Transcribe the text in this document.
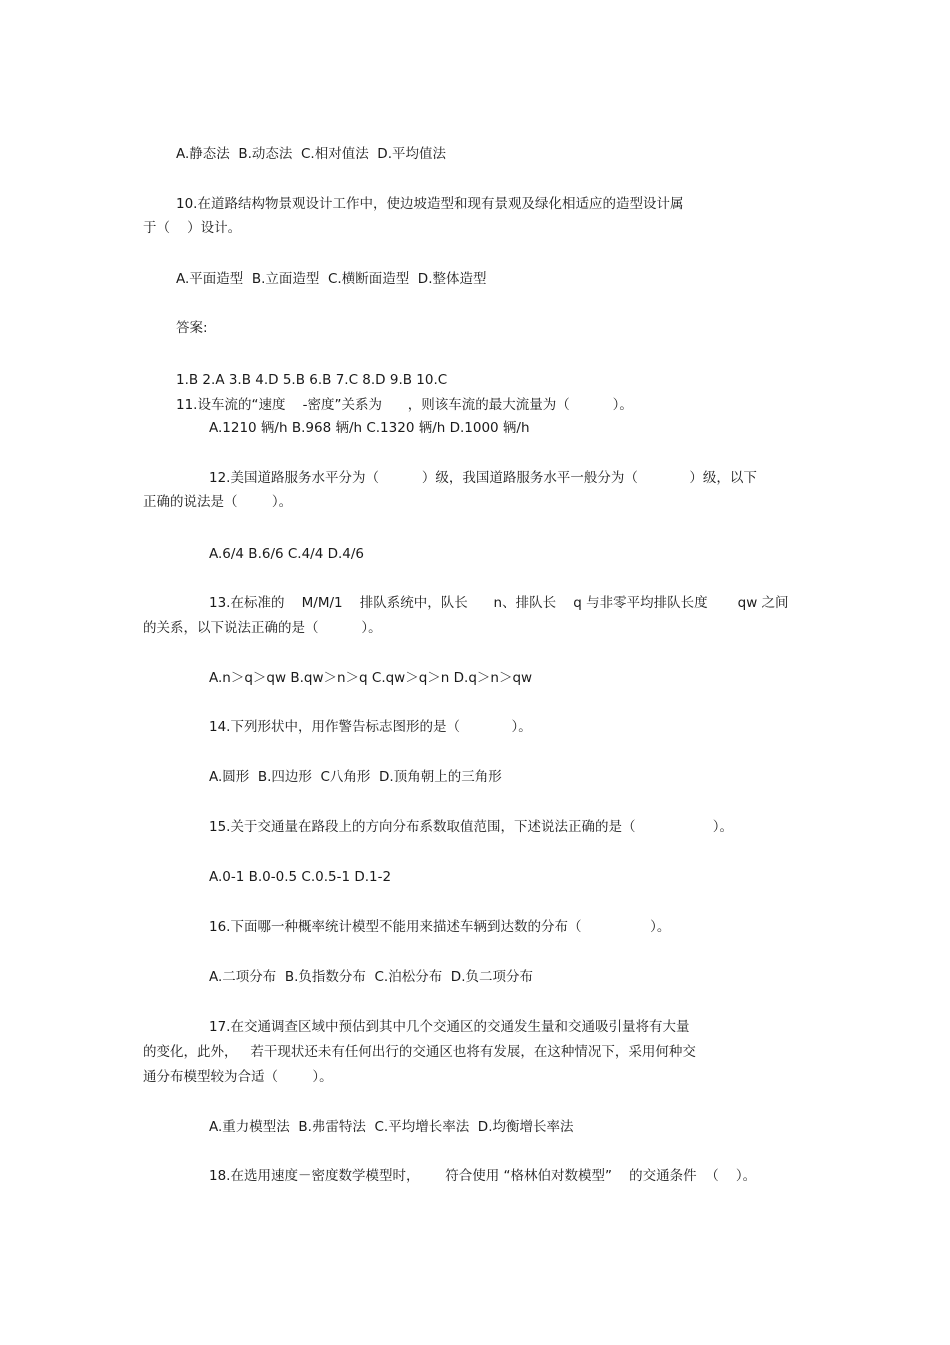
A.静态法  B.动态法  C.相对值法  D.平均值法
10.在道路结构物景观设计工作中，使边坡造型和现有景观及绿化相适应的造型设计属
于（    ）设计。
A.平面造型  B.立面造型  C.横断面造型  D.整体造型
答案:
1.B 2.A 3.B 4.D 5.B 6.B 7.C 8.D 9.B 10.C
11.设车流的“速度    -密度”关系为      ，则该车流的最大流量为（          ）。
A.1210 辆/h B.968 辆/h C.1320 辆/h D.1000 辆/h
12.美国道路服务水平分为（          ）级，我国道路服务水平一般分为（            ）级，以下
正确的说法是（        ）。
A.6/4 B.6/6 C.4/4 D.4/6
13.在标准的    M/M/1    排队系统中，队长      n、排队长    q 与非零平均排队长度       qw 之间
的关系，以下说法正确的是（          ）。
A.n＞q＞qw B.qw＞n＞q C.qw＞q＞n D.q＞n＞qw
14.下列形状中，用作警告标志图形的是（            ）。
A.圆形  B.四边形  C八角形  D.顶角朝上的三角形
15.关于交通量在路段上的方向分布系数取值范围，下述说法正确的是（                  ）。
A.0-1 B.0-0.5 C.0.5-1 D.1-2
16.下面哪一种概率统计模型不能用来描述车辆到达数的分布（                ）。
A.二项分布  B.负指数分布  C.泊松分布  D.负二项分布
17.在交通调查区域中预估到其中几个交通区的交通发生量和交通吸引量将有大量
的变化，此外，   若干现状还未有任何出行的交通区也将有发展，在这种情况下，采用何种交
通分布模型较为合适（        ）。
A.重力模型法  B.弗雷特法  C.平均增长率法  D.均衡增长率法
18.在选用速度－密度数学模型时，      符合使用 “格林伯对数模型”    的交通条件  （    ）。
